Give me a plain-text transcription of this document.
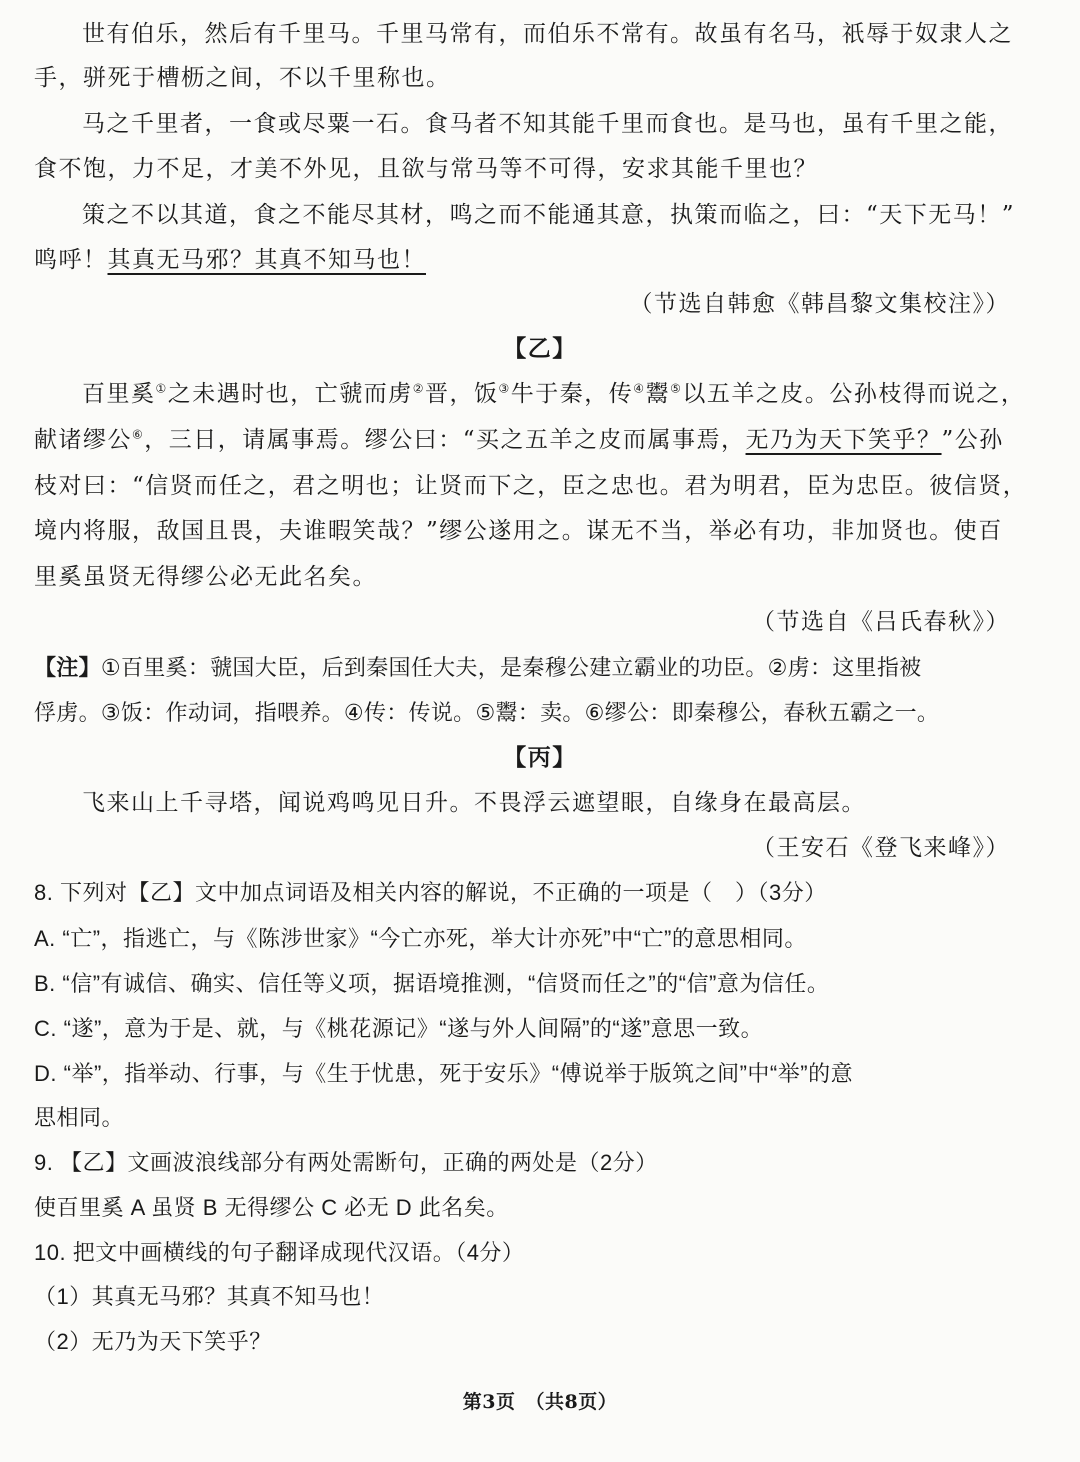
世有伯乐，然后有千里马。千里马常有，而伯乐不常有。故虽有名马，祇辱于奴隶人之
手，骈死于槽枥之间，不以千里称也。
马之千里者，一食或尽粟一石。食马者不知其能千里而食也。是马也，虽有千里之能，
食不饱，力不足，才美不外见，且欲与常马等不可得，安求其能千里也？
策之不以其道，食之不能尽其材，鸣之而不能通其意，执策而临之，曰：“天下无马！”
鸣呼！其真无马邪？其真不知马也！
（节选自韩愈《韩昌黎文集校注》）
【乙】
百里奚①之未遇时也，亡虢而虏②晋，饭③牛于秦，传④鬻⑤以五羊之皮。公孙枝得而说之，
献诸缪公⑥，三日，请属事焉。缪公曰：“买之五羊之皮而属事焉，无乃为天下笑乎？”公孙
枝对曰：“信贤而任之，君之明也；让贤而下之，臣之忠也。君为明君，臣为忠臣。彼信贤，
境内将服，敌国且畏，夫谁暇笑哉？”缪公遂用之。谋无不当，举必有功，非加贤也。使百
里奚虽贤无得缪公必无此名矣。
（节选自《吕氏春秋》）
【注】①百里奚：虢国大臣，后到秦国任大夫，是秦穆公建立霸业的功臣。②虏：这里指被
俘虏。③饭：作动词，指喂养。④传：传说。⑤鬻：卖。⑥缪公：即秦穆公，春秋五霸之一。
【丙】
飞来山上千寻塔，闻说鸡鸣见日升。不畏浮云遮望眼，自缘身在最高层。
（王安石《登飞来峰》）
8. 下列对【乙】文中加点词语及相关内容的解说，不正确的一项是（　）（3分）
A. “亡”，指逃亡，与《陈涉世家》“今亡亦死，举大计亦死”中“亡”的意思相同。
B. “信”有诚信、确实、信任等义项，据语境推测，“信贤而任之”的“信”意为信任。
C. “遂”，意为于是、就，与《桃花源记》“遂与外人间隔”的“遂”意思一致。
D. “举”，指举动、行事，与《生于忧患，死于安乐》“傅说举于版筑之间”中“举”的意
思相同。
9. 【乙】文画波浪线部分有两处需断句，正确的两处是（2分）
使百里奚 A 虽贤 B 无得缪公 C 必无 D 此名矣。
10. 把文中画横线的句子翻译成现代汉语。（4分）
（1）其真无马邪？其真不知马也！
（2）无乃为天下笑乎？
第3页　（共8页）
